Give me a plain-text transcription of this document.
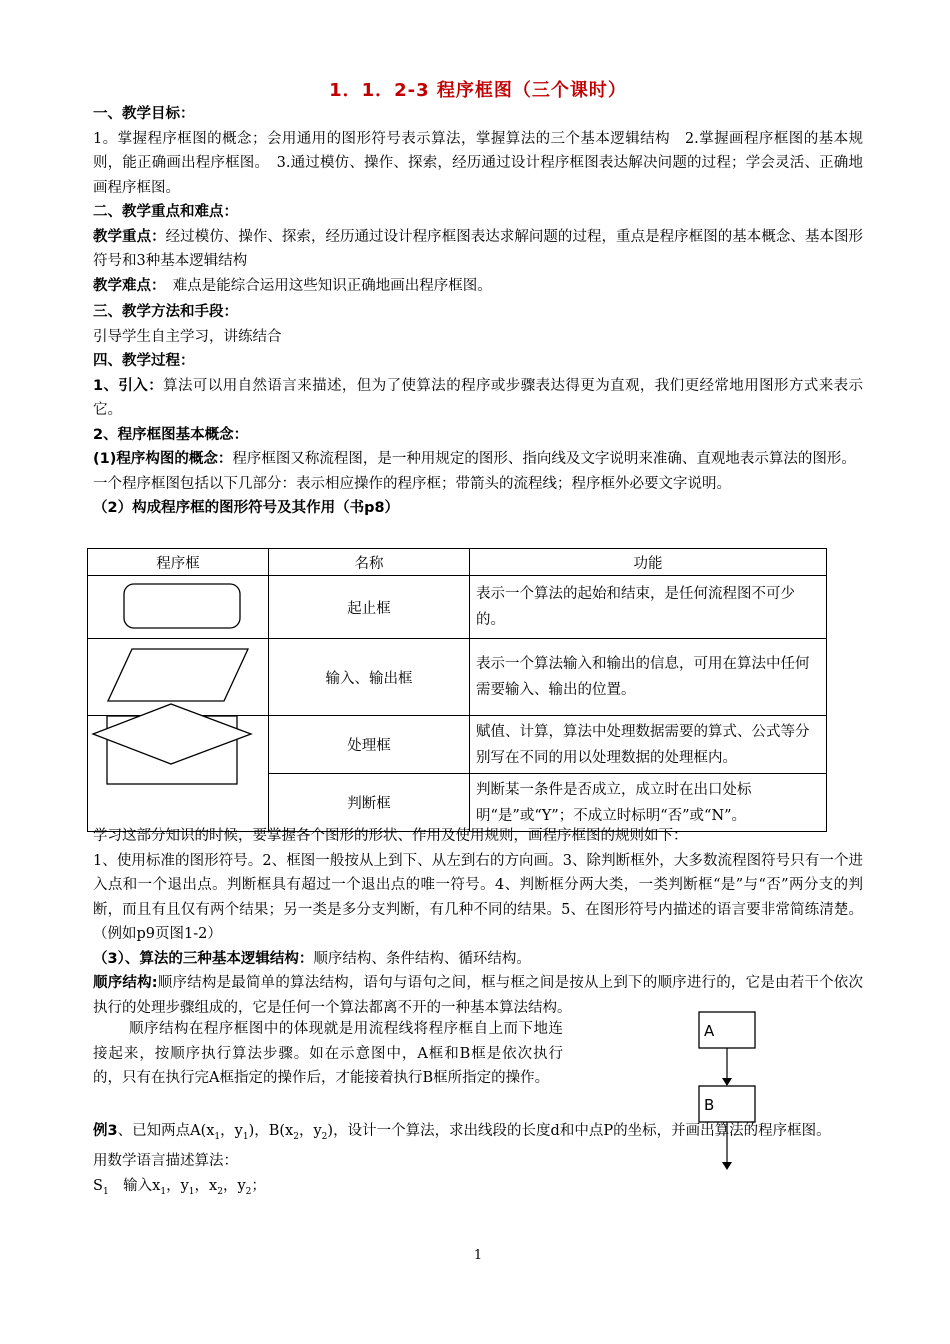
1．1．2-3 程序框图（三个课时）
一、教学目标：
1。掌握程序框图的概念；会用通用的图形符号表示算法，掌握算法的三个基本逻辑结构　2.掌握画程序框图的基本规则，能正确画出程序框图。　3.通过模仿、操作、探索，经历通过设计程序框图表达解决问题的过程；学会灵活、正确地画程序框图。
二、教学重点和难点：
教学重点：经过模仿、操作、探索，经历通过设计程序框图表达求解问题的过程，重点是程序框图的基本概念、基本图形符号和3种基本逻辑结构
教学难点：　难点是能综合运用这些知识正确地画出程序框图。
三、教学方法和手段：
引导学生自主学习，讲练结合
四、教学过程：
1、引入：算法可以用自然语言来描述，但为了使算法的程序或步骤表达得更为直观，我们更经常地用图形方式来表示它。
2、程序框图基本概念：
(1)程序构图的概念：程序框图又称流程图，是一种用规定的图形、指向线及文字说明来准确、直观地表示算法的图形。
一个程序框图包括以下几部分：表示相应操作的程序框；带箭头的流程线；程序框外必要文字说明。
（2）构成程序框的图形符号及其作用（书p8）
程序框	名称	功能
	起止框	表示一个算法的起始和结束，是任何流程图不可少的。
	输入、输出框	表示一个算法输入和输出的信息，可用在算法中任何需要输入、输出的位置。
	处理框	赋值、计算，算法中处理数据需要的算式、公式等分别写在不同的用以处理数据的处理框内。
	判断框	判断某一条件是否成立，成立时在出口处标明“是”或“Y”；不成立时标明“否”或“N”。
学习这部分知识的时候，要掌握各个图形的形状、作用及使用规则，画程序框图的规则如下：
1、使用标准的图形符号。2、框图一般按从上到下、从左到右的方向画。3、除判断框外，大多数流程图符号只有一个进入点和一个退出点。判断框具有超过一个退出点的唯一符号。4、判断框分两大类，一类判断框“是”与“否”两分支的判断，而且有且仅有两个结果；另一类是多分支判断，有几种不同的结果。5、在图形符号内描述的语言要非常简练清楚。（例如p9页图1-2）
（3）、算法的三种基本逻辑结构：顺序结构、条件结构、循环结构。
顺序结构:顺序结构是最简单的算法结构，语句与语句之间，框与框之间是按从上到下的顺序进行的，它是由若干个依次执行的处理步骤组成的，它是任何一个算法都离不开的一种基本算法结构。
顺序结构在程序框图中的体现就是用流程线将程序框自上而下地连接起来，按顺序执行算法步骤。如在示意图中，A框和B框是依次执行的，只有在执行完A框指定的操作后，才能接着执行B框所指定的操作。
A
B
例3、已知两点$A(x_1$，$y_1$)，$B(x_2$，$y_2$)，设计一个算法，求出线段的长度d和中点P的坐标，并画出算法的程序框图。
用数学语言描述算法：
$S_1$　输入$x_1$，$y_1$，$x_2$，$y_2$；
1
